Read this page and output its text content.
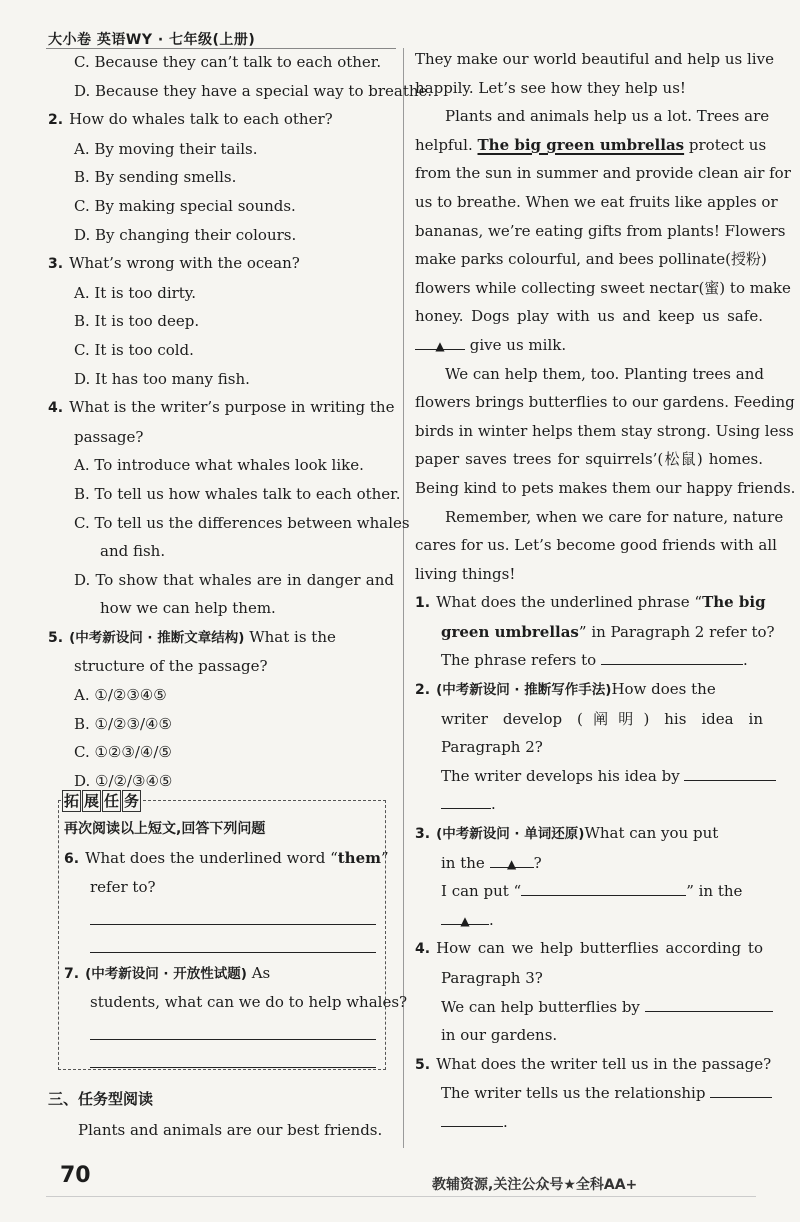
大小卷 英语WY · 七年级(上册)
C. Because they can’t talk to each other.
D. Because they have a special way to breathe.
2. How do whales talk to each other?
A. By moving their tails.
B. By sending smells.
C. By making special sounds.
D. By changing their colours.
3. What’s wrong with the ocean?
A. It is too dirty.
B. It is too deep.
C. It is too cold.
D. It has too many fish.
4. What is the writer’s purpose in writing the
passage?
A. To introduce what whales look like.
B. To tell us how whales talk to each other.
C. To tell us the differences between whales
and fish.
D. To show that whales are in danger and
how we can help them.
5. (中考新设问 · 推断文章结构) What is the
structure of the passage?
A. ①/②③④⑤
B. ①/②③/④⑤
C. ①②③/④/⑤
D. ①/②/③④⑤
拓 展 任 务
再次阅读以上短文,回答下列问题
6. What does the underlined word “them”
refer to?
7. (中考新设问 · 开放性试题) As
students, what can we do to help whales?
三、任务型阅读
Plants and animals are our best friends.
They make our world beautiful and help us live
happily. Let’s see how they help us!
Plants and animals help us a lot. Trees are
helpful. The big green umbrellas protect us
from the sun in summer and provide clean air for
us to breathe. When we eat fruits like apples or
bananas, we’re eating gifts from plants! Flowers
make parks colourful, and bees pollinate(授粉)
flowers while collecting sweet nectar(蜜) to make
honey. Dogs play with us and keep us safe.
▲ give us milk.
We can help them, too. Planting trees and
flowers brings butterflies to our gardens. Feeding
birds in winter helps them stay strong. Using less
paper saves trees for squirrels’(松鼠) homes.
Being kind to pets makes them our happy friends.
Remember, when we care for nature, nature
cares for us. Let’s become good friends with all
living things!
1. What does the underlined phrase “The big
green umbrellas” in Paragraph 2 refer to?
The phrase refers to	.
2. (中考新设问 · 推断写作手法)How does the
writer develop (阐明) his idea in
Paragraph 2?
The writer develops his idea by
.
3. (中考新设问 · 单词还原)What can you put
in the ▲ ?
I can put “	” in the
▲ .
4. How can we help butterflies according to
Paragraph 3?
We can help butterflies by
in our gardens.
5. What does the writer tell us in the passage?
The writer tells us the relationship
.
70	教辅资源,关注公众号★全科AA+
